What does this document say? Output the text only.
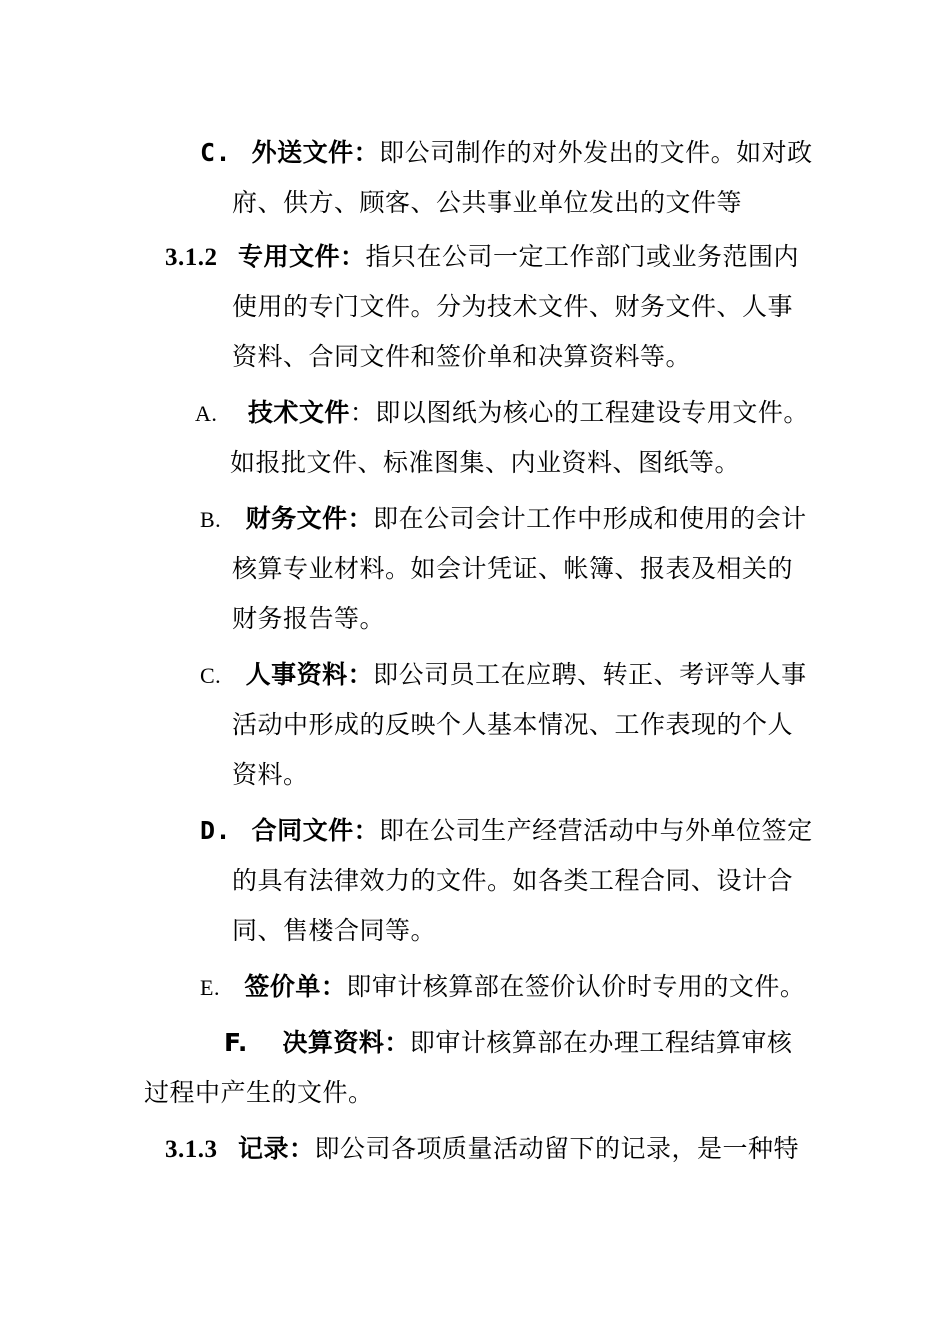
C. 外送文件：即公司制作的对外发出的文件。如对政
府、供方、顾客、公共事业单位发出的文件等
3.1.2 专用文件：指只在公司一定工作部门或业务范围内
使用的专门文件。分为技术文件、财务文件、人事
资料、合同文件和签价单和决算资料等。
A. 技术文件：即以图纸为核心的工程建设专用文件。
如报批文件、标准图集、内业资料、图纸等。
B. 财务文件：即在公司会计工作中形成和使用的会计
核算专业材料。如会计凭证、帐簿、报表及相关的
财务报告等。
C. 人事资料：即公司员工在应聘、转正、考评等人事
活动中形成的反映个人基本情况、工作表现的个人
资料。
D. 合同文件：即在公司生产经营活动中与外单位签定
的具有法律效力的文件。如各类工程合同、设计合
同、售楼合同等。
E. 签价单：即审计核算部在签价认价时专用的文件。
F. 决算资料：即审计核算部在办理工程结算审核
过程中产生的文件。
3.1.3 记录：即公司各项质量活动留下的记录，是一种特
